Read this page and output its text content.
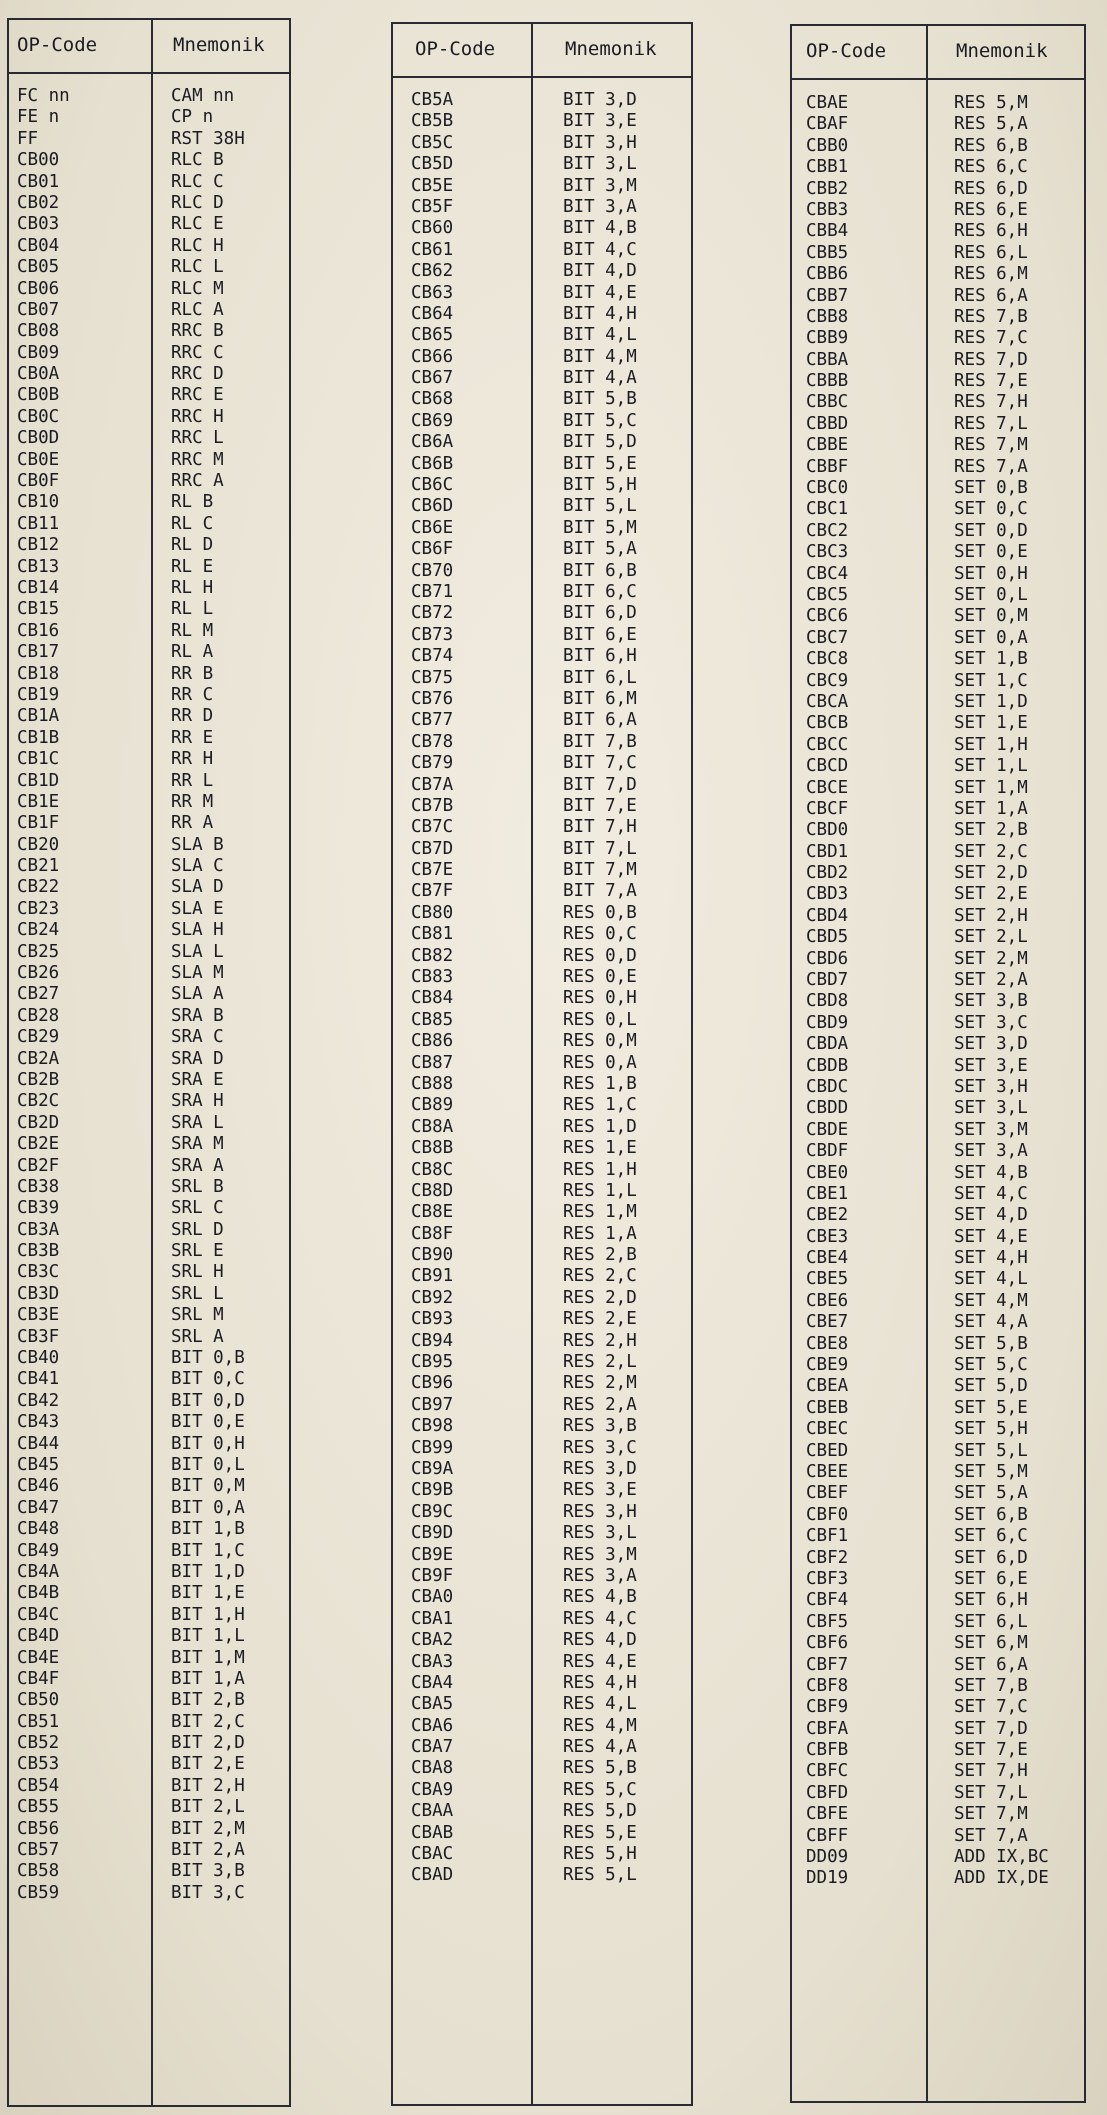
OP-Code	Mnemonik
FC nn	CAM nn
FE n	CP n
FF	RST 38H
CB00	RLC B
CB01	RLC C
CB02	RLC D
CB03	RLC E
CB04	RLC H
CB05	RLC L
CB06	RLC M
CB07	RLC A
CB08	RRC B
CB09	RRC C
CB0A	RRC D
CB0B	RRC E
CB0C	RRC H
CB0D	RRC L
CB0E	RRC M
CB0F	RRC A
CB10	RL B
CB11	RL C
CB12	RL D
CB13	RL E
CB14	RL H
CB15	RL L
CB16	RL M
CB17	RL A
CB18	RR B
CB19	RR C
CB1A	RR D
CB1B	RR E
CB1C	RR H
CB1D	RR L
CB1E	RR M
CB1F	RR A
CB20	SLA B
CB21	SLA C
CB22	SLA D
CB23	SLA E
CB24	SLA H
CB25	SLA L
CB26	SLA M
CB27	SLA A
CB28	SRA B
CB29	SRA C
CB2A	SRA D
CB2B	SRA E
CB2C	SRA H
CB2D	SRA L
CB2E	SRA M
CB2F	SRA A
CB38	SRL B
CB39	SRL C
CB3A	SRL D
CB3B	SRL E
CB3C	SRL H
CB3D	SRL L
CB3E	SRL M
CB3F	SRL A
CB40	BIT 0,B
CB41	BIT 0,C
CB42	BIT 0,D
CB43	BIT 0,E
CB44	BIT 0,H
CB45	BIT 0,L
CB46	BIT 0,M
CB47	BIT 0,A
CB48	BIT 1,B
CB49	BIT 1,C
CB4A	BIT 1,D
CB4B	BIT 1,E
CB4C	BIT 1,H
CB4D	BIT 1,L
CB4E	BIT 1,M
CB4F	BIT 1,A
CB50	BIT 2,B
CB51	BIT 2,C
CB52	BIT 2,D
CB53	BIT 2,E
CB54	BIT 2,H
CB55	BIT 2,L
CB56	BIT 2,M
CB57	BIT 2,A
CB58	BIT 3,B
CB59	BIT 3,C
OP-Code	Mnemonik
CB5A	BIT 3,D
CB5B	BIT 3,E
CB5C	BIT 3,H
CB5D	BIT 3,L
CB5E	BIT 3,M
CB5F	BIT 3,A
CB60	BIT 4,B
CB61	BIT 4,C
CB62	BIT 4,D
CB63	BIT 4,E
CB64	BIT 4,H
CB65	BIT 4,L
CB66	BIT 4,M
CB67	BIT 4,A
CB68	BIT 5,B
CB69	BIT 5,C
CB6A	BIT 5,D
CB6B	BIT 5,E
CB6C	BIT 5,H
CB6D	BIT 5,L
CB6E	BIT 5,M
CB6F	BIT 5,A
CB70	BIT 6,B
CB71	BIT 6,C
CB72	BIT 6,D
CB73	BIT 6,E
CB74	BIT 6,H
CB75	BIT 6,L
CB76	BIT 6,M
CB77	BIT 6,A
CB78	BIT 7,B
CB79	BIT 7,C
CB7A	BIT 7,D
CB7B	BIT 7,E
CB7C	BIT 7,H
CB7D	BIT 7,L
CB7E	BIT 7,M
CB7F	BIT 7,A
CB80	RES 0,B
CB81	RES 0,C
CB82	RES 0,D
CB83	RES 0,E
CB84	RES 0,H
CB85	RES 0,L
CB86	RES 0,M
CB87	RES 0,A
CB88	RES 1,B
CB89	RES 1,C
CB8A	RES 1,D
CB8B	RES 1,E
CB8C	RES 1,H
CB8D	RES 1,L
CB8E	RES 1,M
CB8F	RES 1,A
CB90	RES 2,B
CB91	RES 2,C
CB92	RES 2,D
CB93	RES 2,E
CB94	RES 2,H
CB95	RES 2,L
CB96	RES 2,M
CB97	RES 2,A
CB98	RES 3,B
CB99	RES 3,C
CB9A	RES 3,D
CB9B	RES 3,E
CB9C	RES 3,H
CB9D	RES 3,L
CB9E	RES 3,M
CB9F	RES 3,A
CBA0	RES 4,B
CBA1	RES 4,C
CBA2	RES 4,D
CBA3	RES 4,E
CBA4	RES 4,H
CBA5	RES 4,L
CBA6	RES 4,M
CBA7	RES 4,A
CBA8	RES 5,B
CBA9	RES 5,C
CBAA	RES 5,D
CBAB	RES 5,E
CBAC	RES 5,H
CBAD	RES 5,L
OP-Code	Mnemonik
CBAE	RES 5,M
CBAF	RES 5,A
CBB0	RES 6,B
CBB1	RES 6,C
CBB2	RES 6,D
CBB3	RES 6,E
CBB4	RES 6,H
CBB5	RES 6,L
CBB6	RES 6,M
CBB7	RES 6,A
CBB8	RES 7,B
CBB9	RES 7,C
CBBA	RES 7,D
CBBB	RES 7,E
CBBC	RES 7,H
CBBD	RES 7,L
CBBE	RES 7,M
CBBF	RES 7,A
CBC0	SET 0,B
CBC1	SET 0,C
CBC2	SET 0,D
CBC3	SET 0,E
CBC4	SET 0,H
CBC5	SET 0,L
CBC6	SET 0,M
CBC7	SET 0,A
CBC8	SET 1,B
CBC9	SET 1,C
CBCA	SET 1,D
CBCB	SET 1,E
CBCC	SET 1,H
CBCD	SET 1,L
CBCE	SET 1,M
CBCF	SET 1,A
CBD0	SET 2,B
CBD1	SET 2,C
CBD2	SET 2,D
CBD3	SET 2,E
CBD4	SET 2,H
CBD5	SET 2,L
CBD6	SET 2,M
CBD7	SET 2,A
CBD8	SET 3,B
CBD9	SET 3,C
CBDA	SET 3,D
CBDB	SET 3,E
CBDC	SET 3,H
CBDD	SET 3,L
CBDE	SET 3,M
CBDF	SET 3,A
CBE0	SET 4,B
CBE1	SET 4,C
CBE2	SET 4,D
CBE3	SET 4,E
CBE4	SET 4,H
CBE5	SET 4,L
CBE6	SET 4,M
CBE7	SET 4,A
CBE8	SET 5,B
CBE9	SET 5,C
CBEA	SET 5,D
CBEB	SET 5,E
CBEC	SET 5,H
CBED	SET 5,L
CBEE	SET 5,M
CBEF	SET 5,A
CBF0	SET 6,B
CBF1	SET 6,C
CBF2	SET 6,D
CBF3	SET 6,E
CBF4	SET 6,H
CBF5	SET 6,L
CBF6	SET 6,M
CBF7	SET 6,A
CBF8	SET 7,B
CBF9	SET 7,C
CBFA	SET 7,D
CBFB	SET 7,E
CBFC	SET 7,H
CBFD	SET 7,L
CBFE	SET 7,M
CBFF	SET 7,A
DD09	ADD IX,BC
DD19	ADD IX,DE
